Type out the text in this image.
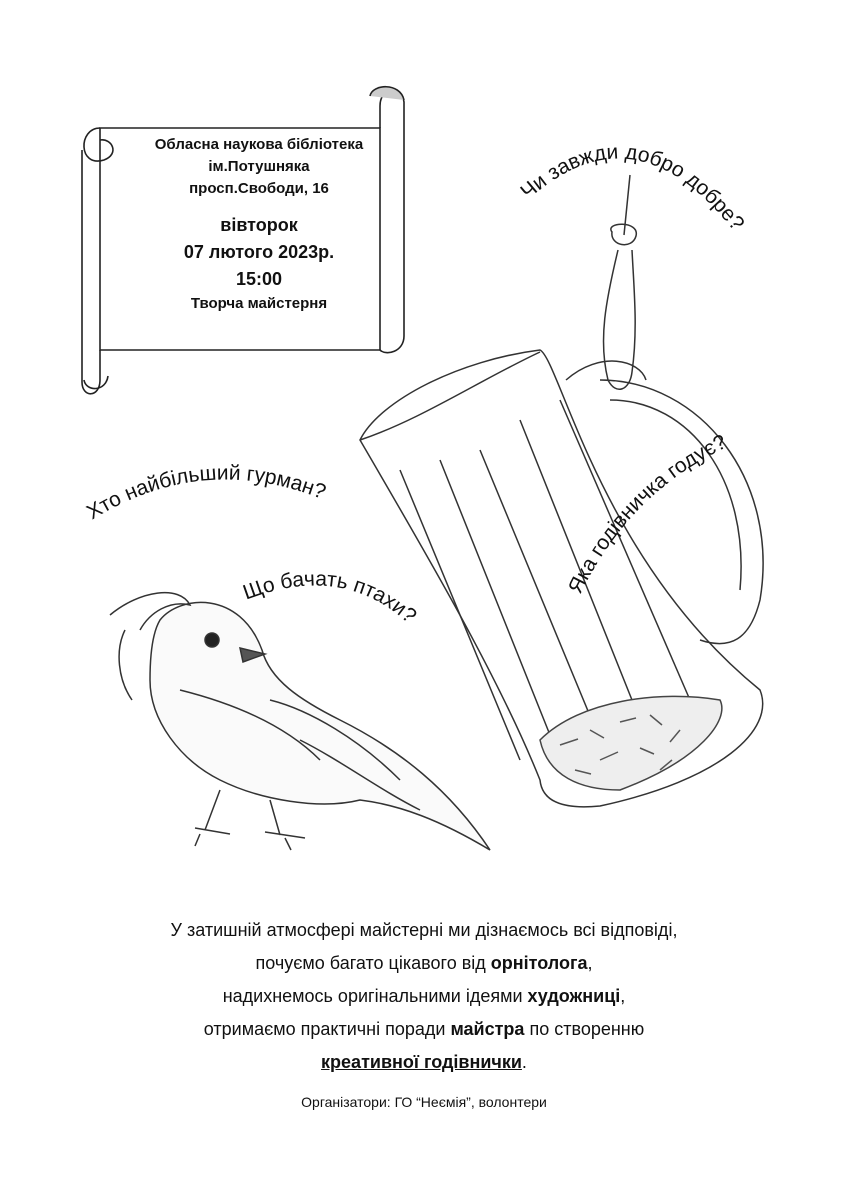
Чи завжди добро добре?
Хто найбільший гурман?
Що бачать птахи?
Яка годівничка годує?
Обласна наукова бібліотека
ім.Потушняка
просп.Свободи, 16
вівторок
07 лютого 2023р.
15:00
Творча майстерня
У затишній атмосфері майстерні ми дізнаємось всі відповіді,
почуємо багато цікавого від орнітолога,
надихнемось оригінальними ідеями художниці,
отримаємо практичні поради майстра по створенню
креативної годівнички.
Організатори: ГО “Неємія”, волонтери
